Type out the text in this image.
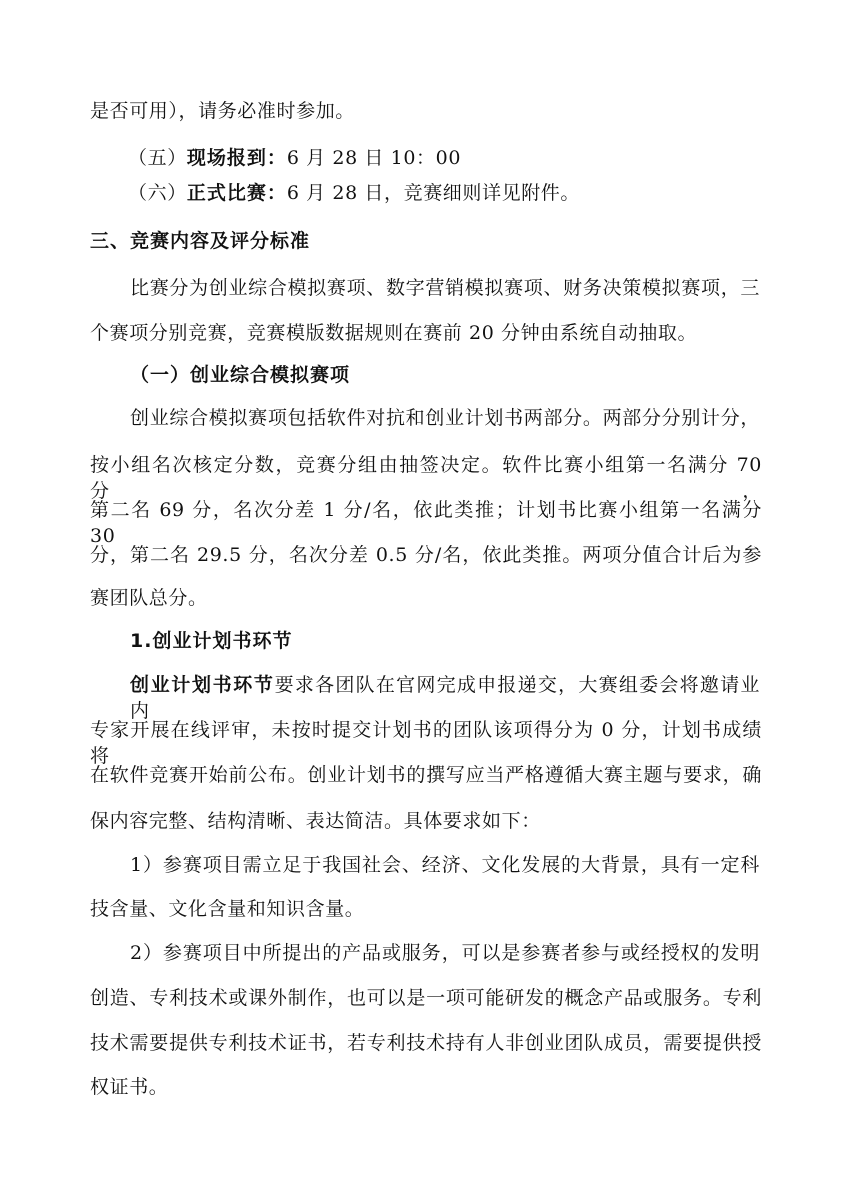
是否可用），请务必准时参加。
（五）现场报到：6 月 28 日 10：00
（六）正式比赛：6 月 28 日，竞赛细则详见附件。
三、竞赛内容及评分标准
比赛分为创业综合模拟赛项、数字营销模拟赛项、财务决策模拟赛项，三
个赛项分别竞赛，竞赛模版数据规则在赛前 20 分钟由系统自动抽取。
（一）创业综合模拟赛项
创业综合模拟赛项包括软件对抗和创业计划书两部分。两部分分别计分，
按小组名次核定分数，竞赛分组由抽签决定。软件比赛小组第一名满分 70 分，
第二名 69 分，名次分差 1 分/名，依此类推；计划书比赛小组第一名满分 30
分，第二名 29.5 分，名次分差 0.5 分/名，依此类推。两项分值合计后为参
赛团队总分。
1.创业计划书环节
创业计划书环节要求各团队在官网完成申报递交，大赛组委会将邀请业内
专家开展在线评审，未按时提交计划书的团队该项得分为 0 分，计划书成绩将
在软件竞赛开始前公布。创业计划书的撰写应当严格遵循大赛主题与要求，确
保内容完整、结构清晰、表达简洁。具体要求如下：
1）参赛项目需立足于我国社会、经济、文化发展的大背景，具有一定科
技含量、文化含量和知识含量。
2）参赛项目中所提出的产品或服务，可以是参赛者参与或经授权的发明
创造、专利技术或课外制作，也可以是一项可能研发的概念产品或服务。专利
技术需要提供专利技术证书，若专利技术持有人非创业团队成员，需要提供授
权证书。
